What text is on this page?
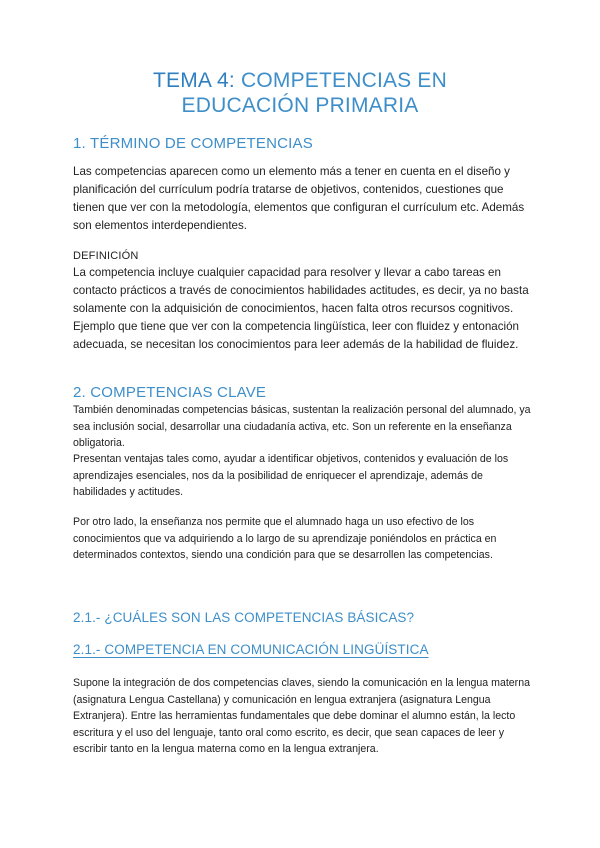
TEMA 4: COMPETENCIAS EN
EDUCACIÓN PRIMARIA
1. TÉRMINO DE COMPETENCIAS

Las competencias aparecen como un elemento más a tener en cuenta en el diseño y planificación del currículum podría tratarse de objetivos, contenidos, cuestiones que tienen que ver con la metodología, elementos que configuran el currículum etc. Además son elementos interdependientes.

DEFINICIÓN

La competencia incluye cualquier capacidad para resolver y llevar a cabo tareas en contacto prácticos a través de conocimientos habilidades actitudes, es decir, ya no basta solamente con la adquisición de conocimientos, hacen falta otros recursos cognitivos. Ejemplo que tiene que ver con la competencia lingüística, leer con fluidez y entonación adecuada, se necesitan los conocimientos para leer además de la habilidad de fluidez.

2. COMPETENCIAS CLAVE

También denominadas competencias básicas, sustentan la realización personal del alumnado, ya sea inclusión social, desarrollar una ciudadanía activa, etc. Son un referente en la enseñanza obligatoria.

Presentan ventajas tales como, ayudar a identificar objetivos, contenidos y evaluación de los aprendizajes esenciales, nos da la posibilidad de enriquecer el aprendizaje, además de habilidades y actitudes.

Por otro lado, la enseñanza nos permite que el alumnado haga un uso efectivo de los conocimientos que va adquiriendo a lo largo de su aprendizaje poniéndolos en práctica en determinados contextos, siendo una condición para que se desarrollen las competencias.

2.1.- ¿CUÁLES SON LAS COMPETENCIAS BÁSICAS?
2.1.- COMPETENCIA EN COMUNICACIÓN LINGÜÍSTICA

Supone la integración de dos competencias claves, siendo la comunicación en la lengua materna (asignatura Lengua Castellana) y comunicación en lengua extranjera (asignatura Lengua Extranjera). Entre las herramientas fundamentales que debe dominar el alumno están, la lecto escritura y el uso del lenguaje, tanto oral como escrito, es decir, que sean capaces de leer y escribir tanto en la lengua materna como en la lengua extranjera.
